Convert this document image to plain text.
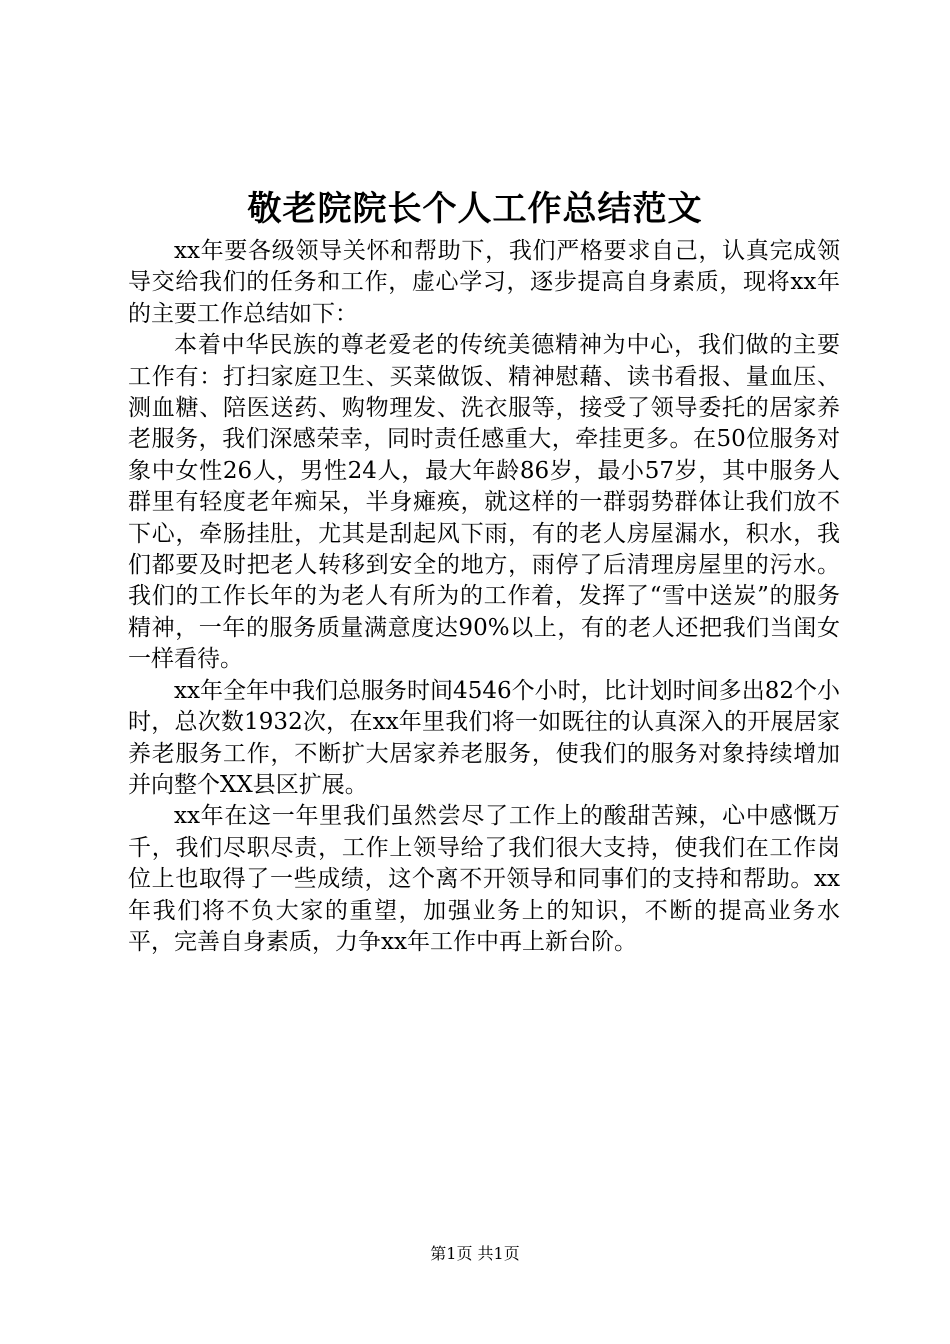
敬老院院长个人工作总结范文

xx年要各级领导关怀和帮助下，我们严格要求自己，认真完成领导交给我们的任务和工作，虚心学习，逐步提高自身素质，现将xx年的主要工作总结如下：

本着中华民族的尊老爱老的传统美德精神为中心，我们做的主要工作有：打扫家庭卫生、买菜做饭、精神慰藉、读书看报、量血压、测血糖、陪医送药、购物理发、洗衣服等，接受了领导委托的居家养老服务，我们深感荣幸，同时责任感重大，牵挂更多。在50位服务对象中女性26人，男性24人，最大年龄86岁，最小57岁，其中服务人群里有轻度老年痴呆，半身瘫痪，就这样的一群弱势群体让我们放不下心，牵肠挂肚，尤其是刮起风下雨，有的老人房屋漏水，积水，我们都要及时把老人转移到安全的地方，雨停了后清理房屋里的污水。我们的工作长年的为老人有所为的工作着，发挥了“雪中送炭”的服务精神，一年的服务质量满意度达90%以上，有的老人还把我们当闺女一样看待。

xx年全年中我们总服务时间4546个小时，比计划时间多出82个小时，总次数1932次，在xx年里我们将一如既往的认真深入的开展居家养老服务工作，不断扩大居家养老服务，使我们的服务对象持续增加并向整个XX县区扩展。

xx年在这一年里我们虽然尝尽了工作上的酸甜苦辣，心中感慨万千，我们尽职尽责，工作上领导给了我们很大支持，使我们在工作岗位上也取得了一些成绩，这个离不开领导和同事们的支持和帮助。xx年我们将不负大家的重望，加强业务上的知识，不断的提高业务水平，完善自身素质，力争xx年工作中再上新台阶。

第1页 共1页
